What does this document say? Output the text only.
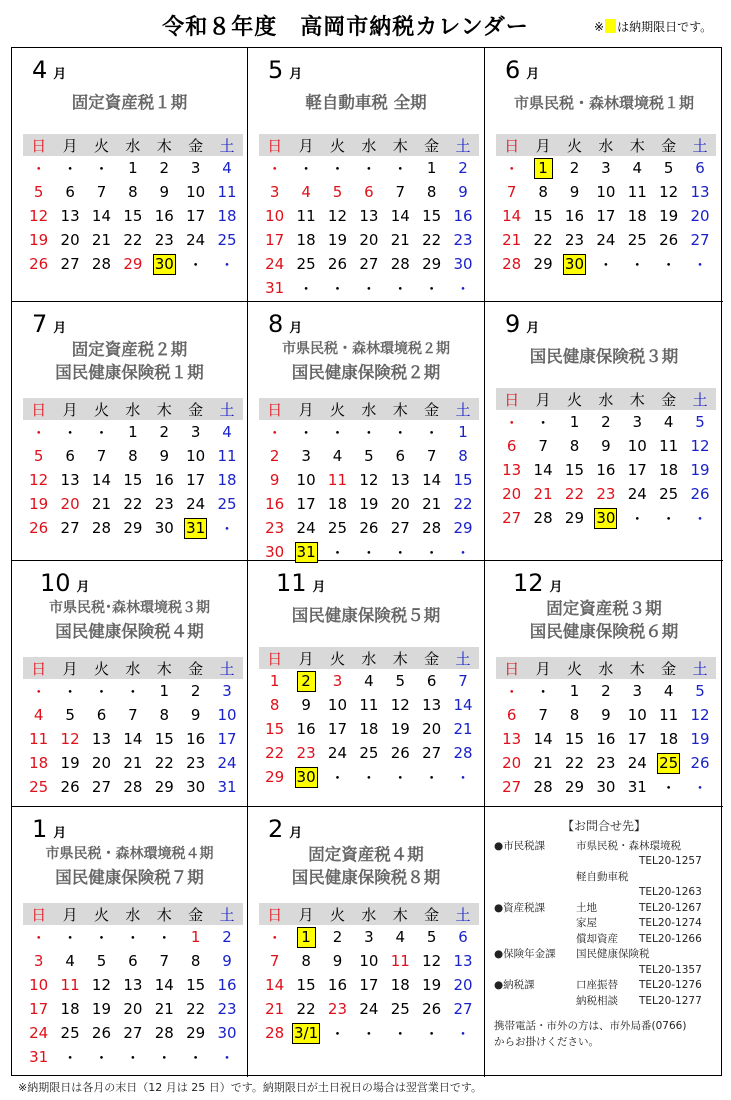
令和８年度　高岡市納税カレンダー	※ は納期限日です。
4 月
固定資産税１期
日	月	火	水	木	金	土
・	・	・	1	2	3	4
5	6	7	8	9	10	11
12	13	14	15	16	17	18
19	20	21	22	23	24	25
26	27	28	29	30	・	・
5 月
軽自動車税 全期
日	月	火	水	木	金	土
・	・	・	・	・	1	2
3	4	5	6	7	8	9
10	11	12	13	14	15	16
17	18	19	20	21	22	23
24	25	26	27	28	29	30
31	・	・	・	・	・	・
6 月
市県民税・森林環境税１期
日	月	火	水	木	金	土
・	1	2	3	4	5	6
7	8	9	10	11	12	13
14	15	16	17	18	19	20
21	22	23	24	25	26	27
28	29	30	・	・	・	・
7 月
固定資産税２期
国民健康保険税１期
日	月	火	水	木	金	土
・	・	・	1	2	3	4
5	6	7	8	9	10	11
12	13	14	15	16	17	18
19	20	21	22	23	24	25
26	27	28	29	30	31	・
8 月
市県民税・森林環境税２期
国民健康保険税２期
日	月	火	水	木	金	土
・	・	・	・	・	・	1
2	3	4	5	6	7	8
9	10	11	12	13	14	15
16	17	18	19	20	21	22
23	24	25	26	27	28	29
30	31	・	・	・	・	・
9 月
国民健康保険税３期
日	月	火	水	木	金	土
・	・	1	2	3	4	5
6	7	8	9	10	11	12
13	14	15	16	17	18	19
20	21	22	23	24	25	26
27	28	29	30	・	・	・
10 月
市県民税･森林環境税３期
国民健康保険税４期
日	月	火	水	木	金	土
・	・	・	・	1	2	3
4	5	6	7	8	9	10
11	12	13	14	15	16	17
18	19	20	21	22	23	24
25	26	27	28	29	30	31
11 月
国民健康保険税５期
日	月	火	水	木	金	土
1	2	3	4	5	6	7
8	9	10	11	12	13	14
15	16	17	18	19	20	21
22	23	24	25	26	27	28
29	30	・	・	・	・	・
12 月
固定資産税３期
国民健康保険税６期
日	月	火	水	木	金	土
・	・	1	2	3	4	5
6	7	8	9	10	11	12
13	14	15	16	17	18	19
20	21	22	23	24	25	26
27	28	29	30	31	・	・
1 月
市県民税・森林環境税４期
国民健康保険税７期
日	月	火	水	木	金	土
・	・	・	・	・	1	2
3	4	5	6	7	8	9
10	11	12	13	14	15	16
17	18	19	20	21	22	23
24	25	26	27	28	29	30
31	・	・	・	・	・	・
2 月
固定資産税４期
国民健康保険税８期
日	月	火	水	木	金	土
・	1	2	3	4	5	6
7	8	9	10	11	12	13
14	15	16	17	18	19	20
21	22	23	24	25	26	27
28	3/1	・	・	・	・	・
【お問合せ先】
●市民税課	市県民税・森林環境税
TEL20-1257
軽自動車税
TEL20-1263
●資産税課	土地	TEL20-1267
家屋	TEL20-1274
償却資産 TEL20-1266
●保険年金課 国民健康保険税
TEL20-1357
●納税課	口座振替 TEL20-1276
納税相談 TEL20-1277
携帯電話・市外の方は、市外局番(0766)
からお掛けください。
※納期限日は各月の末日（12 月は 25 日）です。納期限日が土日祝日の場合は翌営業日です。
